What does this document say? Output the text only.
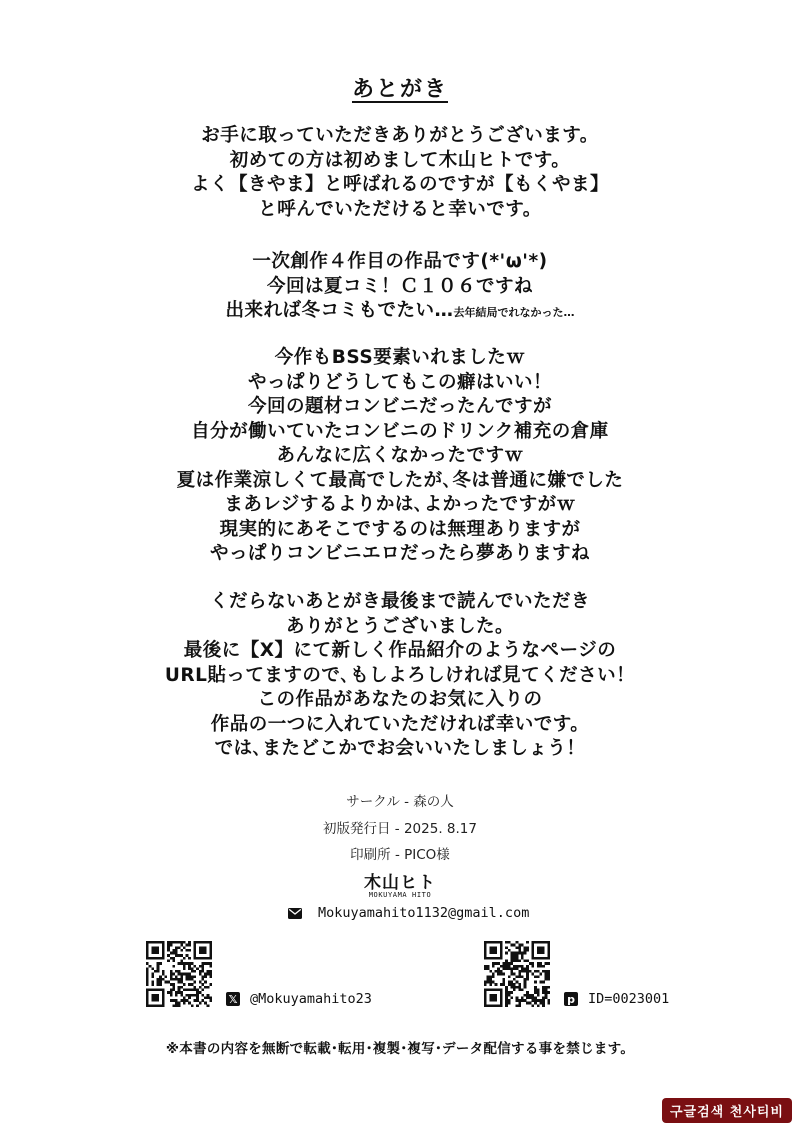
あとがき
お手に取っていただきありがとうございます。
初めての方は初めまして木山ヒトです。
よく【きやま】と呼ばれるのですが【もくやま】
と呼んでいただけると幸いです。
一次創作４作目の作品です(*'ω'*)
今回は夏コミ！Ｃ１０６ですね
出来れば冬コミもでたい…去年結局でれなかった…
今作もBSS要素いれましたｗ
やっぱりどうしてもこの癖はいい！
今回の題材コンビニだったんですが
自分が働いていたコンビニのドリンク補充の倉庫
あんなに広くなかったですｗ
夏は作業涼しくて最高でしたが､冬は普通に嫌でした
まあレジするよりかは､よかったですがｗ
現実的にあそこでするのは無理ありますが
やっぱりコンビニエロだったら夢ありますね
くだらないあとがき最後まで読んでいただき
ありがとうございました。
最後に【X】にて新しく作品紹介のようなページの
URL貼ってますので､もしよろしければ見てください！
この作品があなたのお気に入りの
作品の一つに入れていただければ幸いです。
では､またどこかでお会いいたしましょう！
サークル - 森の人
初版発行日 - 2025. 8.17
印刷所 - PICO様
木山ヒト
MOKUYAMA HITO
Mokuyamahito1132@gmail.com
𝕏 @Mokuyamahito23	p ID=0023001
※本書の内容を無断で転載･転用･複製･複写･データ配信する事を禁じます。
구글검색 천사티비
